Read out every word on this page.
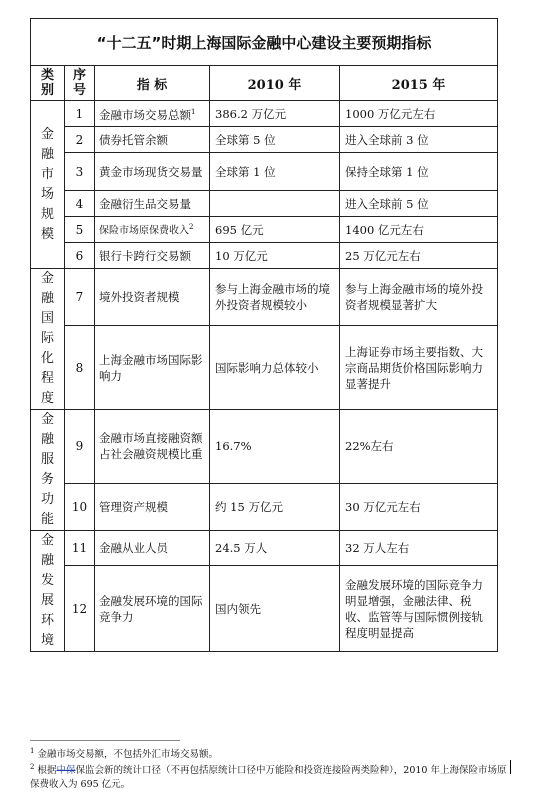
“十二五”时期上海国际金融中心建设主要预期指标				
类别	序号	指 标	2010 年	2015 年
金融市场规模	1	金融市场交易总额$^1$	386.2 万亿元	1000 万亿元左右
	2	债券托管余额	全球第 5 位	进入全球前 3 位
	3	黄金市场现货交易量	全球第 1 位	保持全球第 1 位
	4	金融衍生品交易量		进入全球前 5 位
	5	保险市场原保费收入$^2$	695 亿元	1400 亿元左右
	6	银行卡跨行交易额	10 万亿元	25 万亿元左右
金融国际化程度	7	境外投资者规模	参与上海金融市场的境外投资者规模较小	参与上海金融市场的境外投资者规模显著扩大
	8	上海金融市场国际影响力	国际影响力总体较小	上海证券市场主要指数、大宗商品期货价格国际影响力显著提升
金融服务功能	9	金融市场直接融资额占社会融资规模比重	16.7%	22%左右
	10	管理资产规模	约 15 万亿元	30 万亿元左右
金融发展环境	11	金融从业人员	24.5 万人	32 万人左右
	12	金融发展环境的国际竞争力	国内领先	金融发展环境的国际竞争力明显增强，金融法律、税收、监管等与国际惯例接轨程度明显提高
$^1$ 金融市场交易额，不包括外汇市场交易额。
$^2$ 根据中保保监会新的统计口径（不再包括原统计口径中万能险和投资连接险两类险种），2010 年上海保险市场原保费收入为 695 亿元。
